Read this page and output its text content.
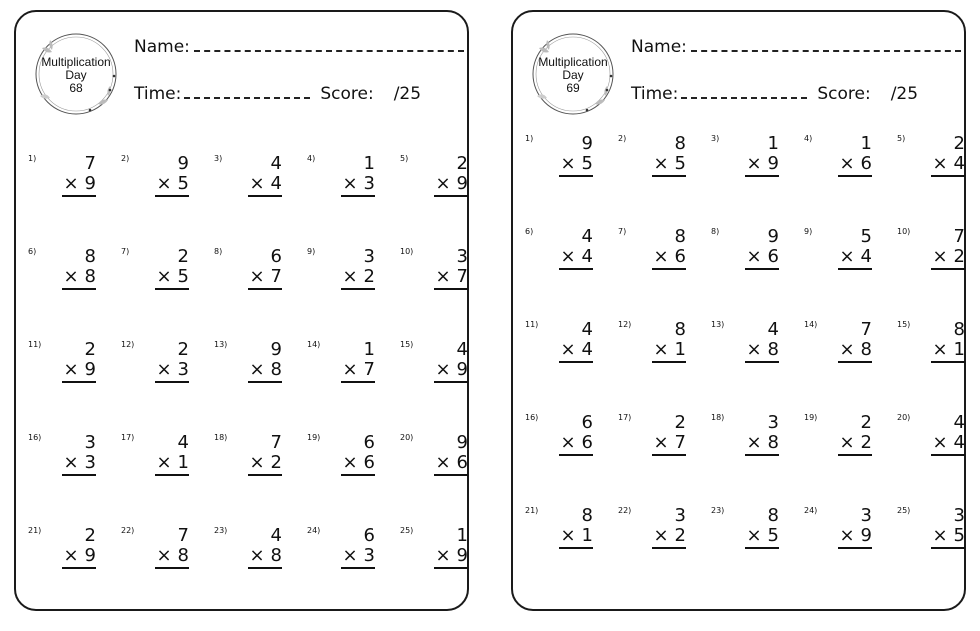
Multiplication
Day
68
Name:
Time:	Score: /25
1)	7
× 9
2)	9
× 5
3)	4
× 4
4)	1
× 3
5)	2
× 9
6)	8
× 8
7)	2
× 5
8)	6
× 7
9)	3
× 2
10) 3
× 7
11) 2
× 9
12) 2
× 3
13) 9
× 8
14) 1
× 7
15) 4
× 9
16) 3
× 3
17) 4
× 1
18) 7
× 2
19) 6
× 6
20) 9
× 6
21) 2
× 9
22) 7
× 8
23) 4
× 8
24) 6
× 3
25) 1
× 9
Multiplication
Day
69
Name:
Time:	Score: /25
1)	9
× 5
2)	8
× 5
3)	1
× 9
4)	1
× 6
5)	2
× 4
6)	4
× 4
7)	8
× 6
8)	9
× 6
9)	5
× 4
10) 7
× 2
11) 4
× 4
12) 8
× 1
13) 4
× 8
14) 7
× 8
15) 8
× 1
16) 6
× 6
17) 2
× 7
18) 3
× 8
19) 2
× 2
20) 4
× 4
21) 8
× 1
22) 3
× 2
23) 8
× 5
24) 3
× 9
25) 3
× 5
